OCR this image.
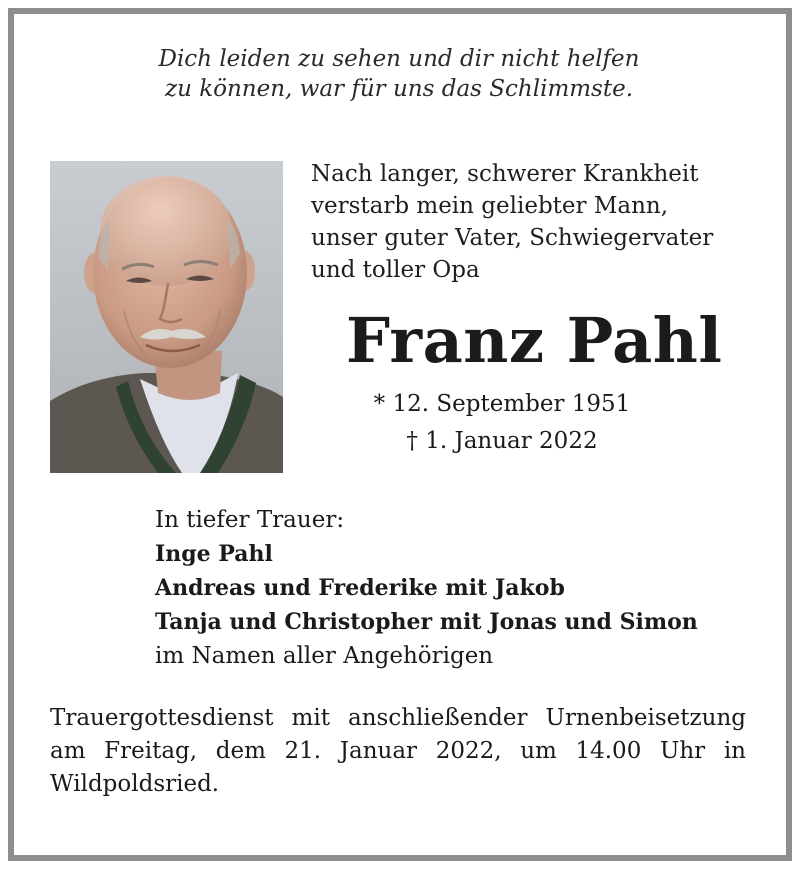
Dich leiden zu sehen und dir nicht helfen
zu können, war für uns das Schlimmste.
Nach langer, schwerer Krankheit
verstarb mein geliebter Mann,
unser guter Vater, Schwiegervater
und toller Opa
Franz Pahl
* 12. September 1951
† 1. Januar 2022
In tiefer Trauer:
Inge Pahl
Andreas und Frederike mit Jakob
Tanja und Christopher mit Jonas und Simon
im Namen aller Angehörigen
Trauergottesdienst mit anschließender Urnenbeisetzung am Freitag, dem 21. Januar 2022, um 14.00 Uhr in Wildpoldsried.
